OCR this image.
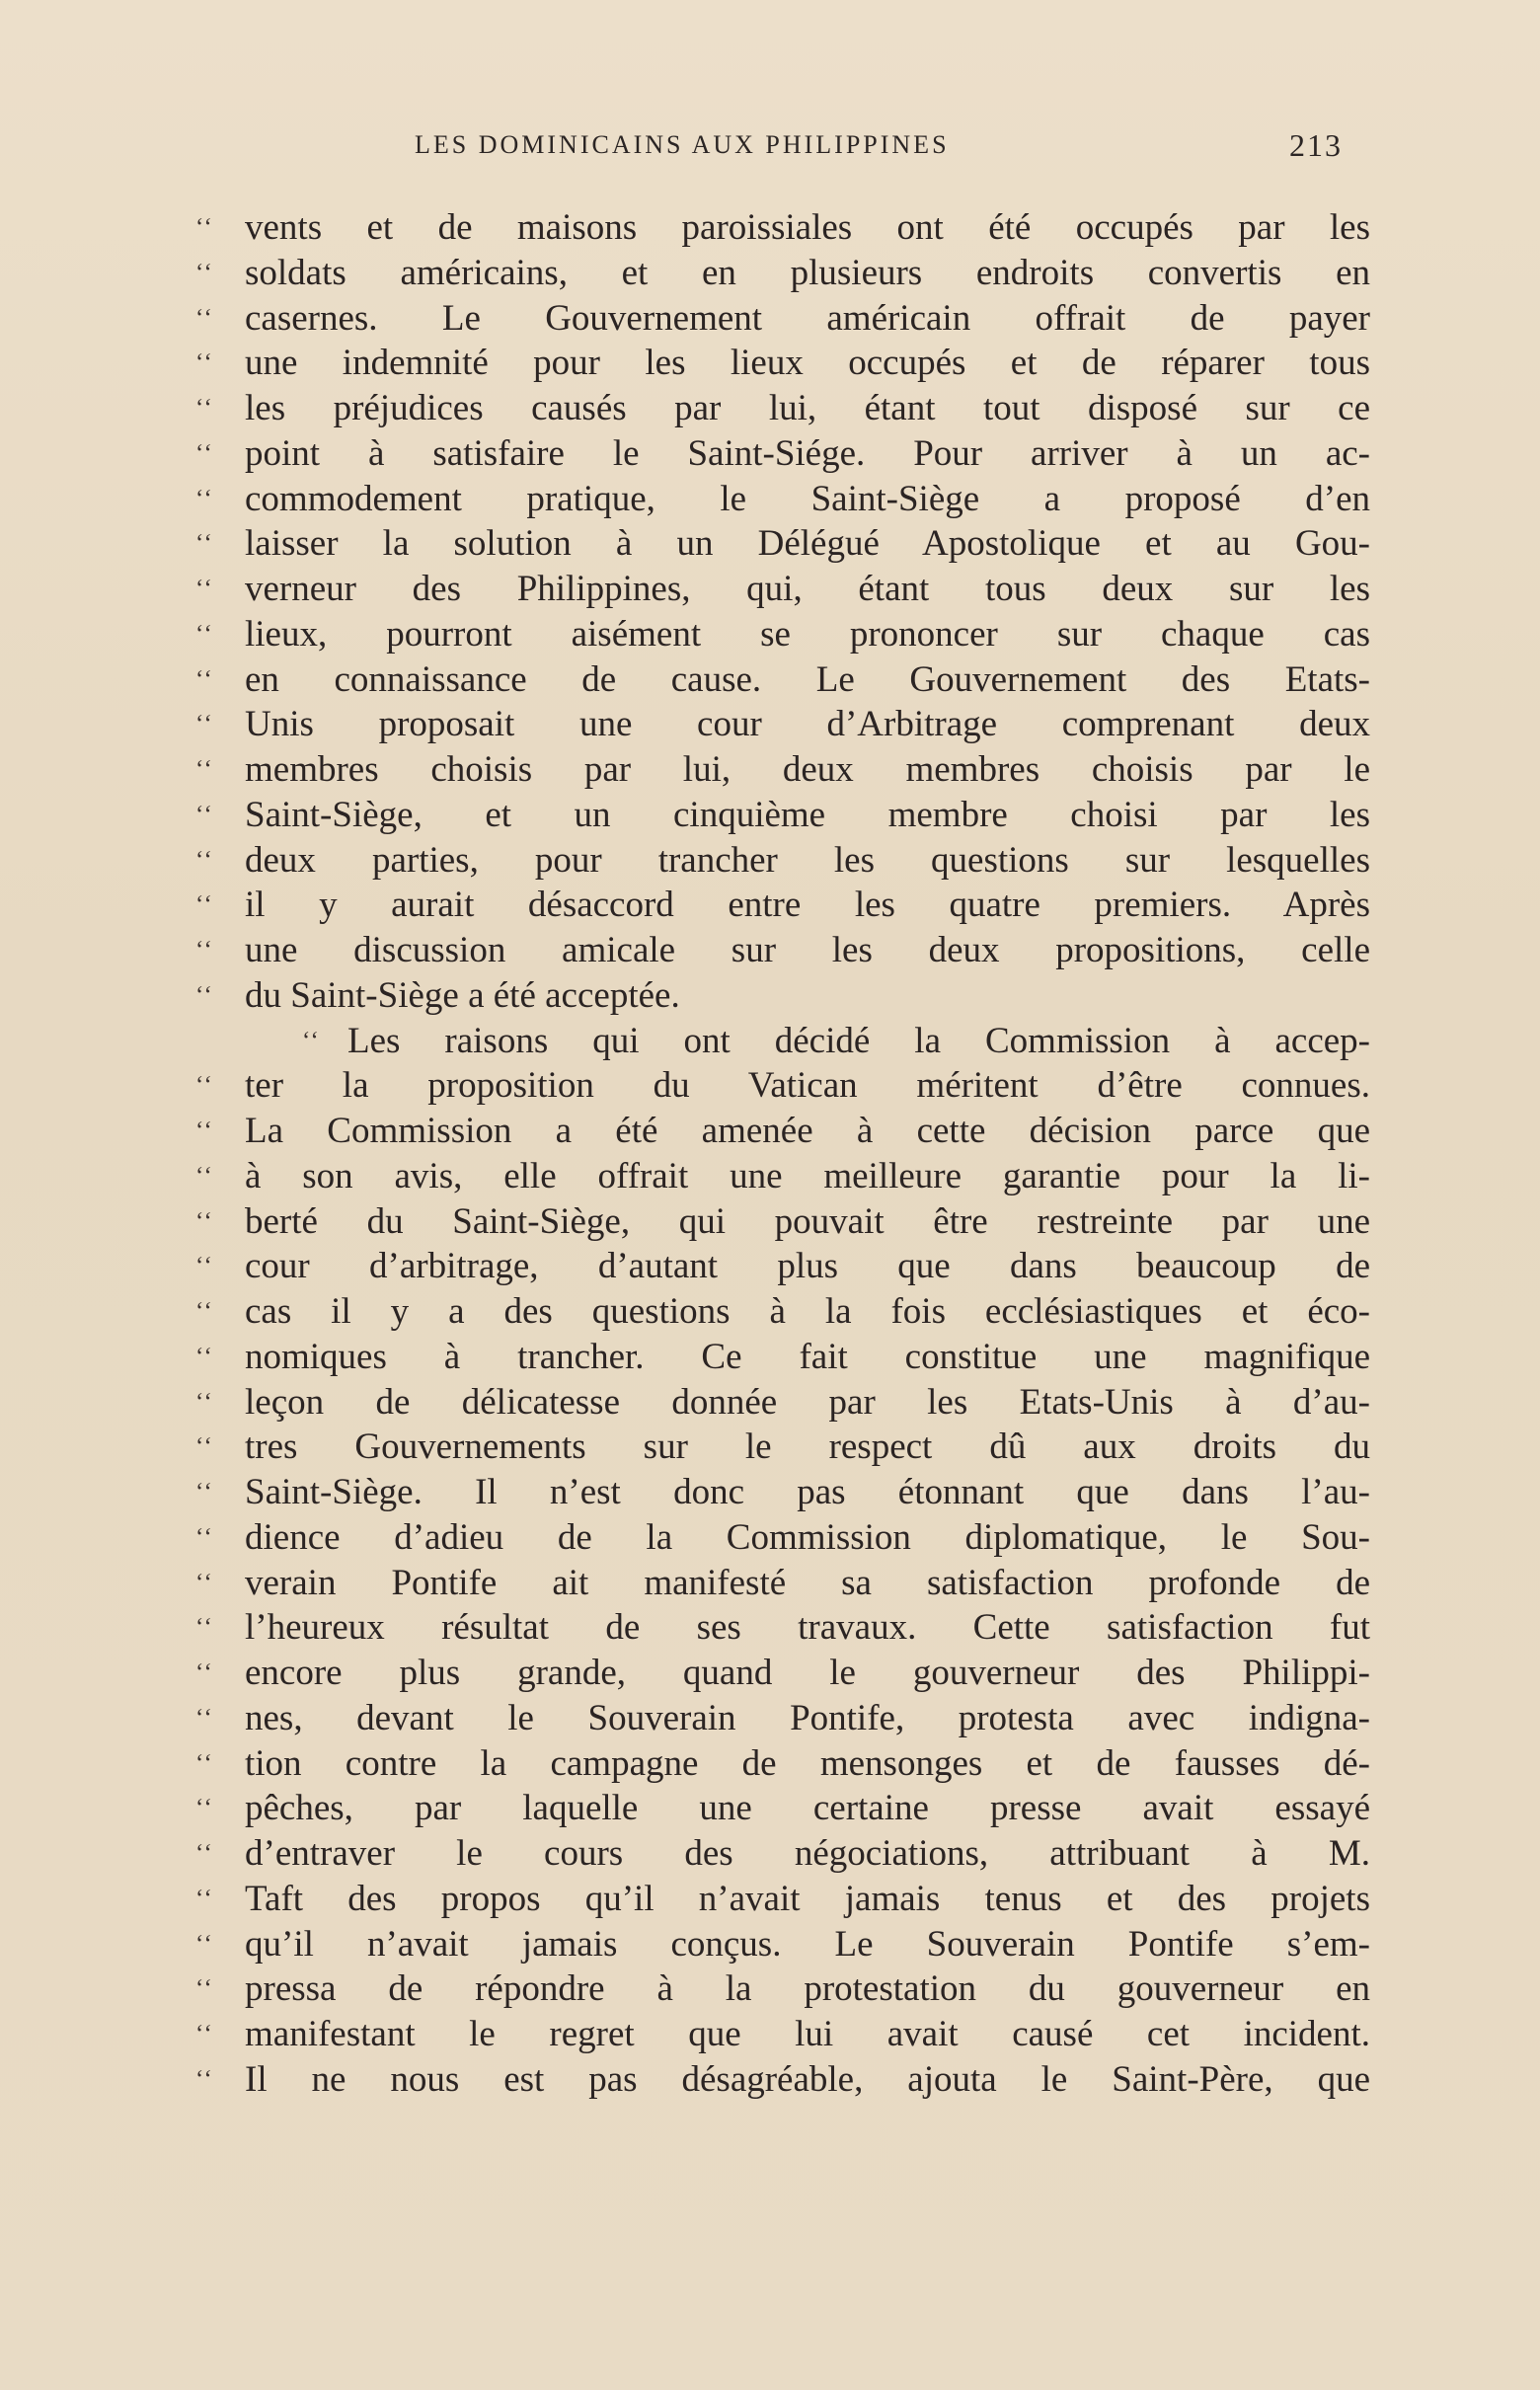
LES DOMINICAINS AUX PHILIPPINES	213
‘‘ vents et de maisons paroissiales ont été occupés par les
‘‘ soldats américains, et en plusieurs endroits convertis en
‘‘ casernes. Le Gouvernement américain offrait de payer
‘‘ une indemnité pour les lieux occupés et de réparer tous
‘‘ les préjudices causés par lui, étant tout disposé sur ce
‘‘ point à satisfaire le Saint-Siége. Pour arriver à un ac-
‘‘ commodement pratique, le Saint-Siège a proposé d’en
‘‘ laisser la solution à un Délégué Apostolique et au Gou-
‘‘ verneur des Philippines, qui, étant tous deux sur les
‘‘ lieux, pourront aisément se prononcer sur chaque cas
‘‘ en connaissance de cause. Le Gouvernement des Etats-
‘‘ Unis proposait une cour d’Arbitrage comprenant deux
‘‘ membres choisis par lui, deux membres choisis par le
‘‘ Saint-Siège, et un cinquième membre choisi par les
‘‘ deux parties, pour trancher les questions sur lesquelles
‘‘ il y aurait désaccord entre les quatre premiers. Après
‘‘ une discussion amicale sur les deux propositions, celle
‘‘ du Saint-Siège a été acceptée.
‘‘ Les raisons qui ont décidé la Commission à accep-
‘‘ ter la proposition du Vatican méritent d’être connues.
‘‘ La Commission a été amenée à cette décision parce que
‘‘ à son avis, elle offrait une meilleure garantie pour la li-
‘‘ berté du Saint-Siège, qui pouvait être restreinte par une
‘‘ cour d’arbitrage, d’autant plus que dans beaucoup de
‘‘ cas il y a des questions à la fois ecclésiastiques et éco-
‘‘ nomiques à trancher. Ce fait constitue une magnifique
‘‘ leçon de délicatesse donnée par les Etats-Unis à d’au-
‘‘ tres Gouvernements sur le respect dû aux droits du
‘‘ Saint-Siège. Il n’est donc pas étonnant que dans l’au-
‘‘ dience d’adieu de la Commission diplomatique, le Sou-
‘‘ verain Pontife ait manifesté sa satisfaction profonde de
‘‘ l’heureux résultat de ses travaux. Cette satisfaction fut
‘‘ encore plus grande, quand le gouverneur des Philippi-
‘‘ nes, devant le Souverain Pontife, protesta avec indigna-
‘‘ tion contre la campagne de mensonges et de fausses dé-
‘‘ pêches, par laquelle une certaine presse avait essayé
‘‘ d’entraver le cours des négociations, attribuant à M.
‘‘ Taft des propos qu’il n’avait jamais tenus et des projets
‘‘ qu’il n’avait jamais conçus. Le Souverain Pontife s’em-
‘‘ pressa de répondre à la protestation du gouverneur en
‘‘ manifestant le regret que lui avait causé cet incident.
‘‘ Il ne nous est pas désagréable, ajouta le Saint-Père, que
